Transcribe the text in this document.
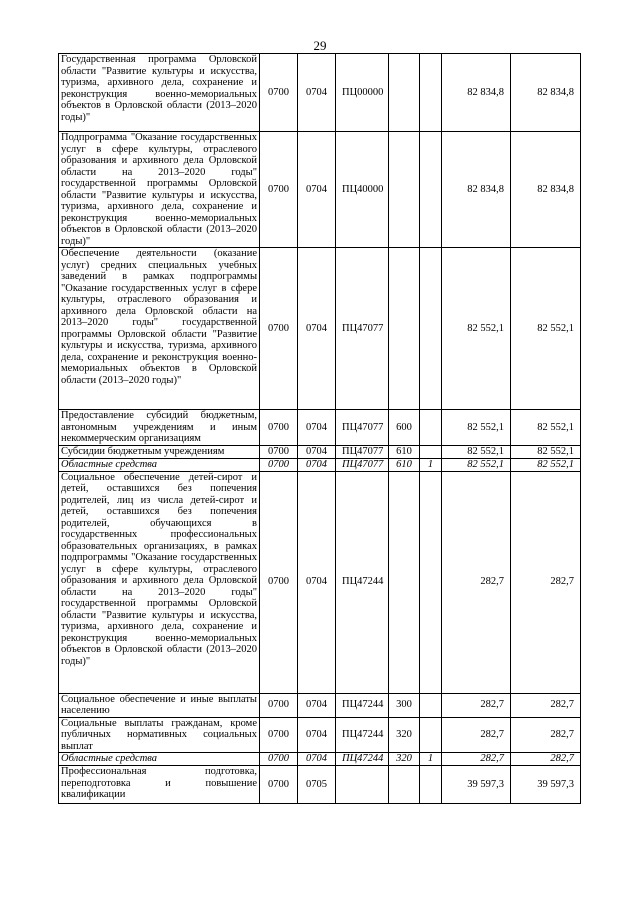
29
Государственная программа Орловской области "Развитие культуры и искусства, туризма, архивного дела, сохранение и реконструкция военно-мемориальных объектов в Орловской области (2013–2020 годы)"	0700	0704	ПЦ00000			82 834,8	82 834,8
Подпрограмма "Оказание государственных услуг в сфере культуры, отраслевого образования и архивного дела Орловской области на 2013–2020 годы" государственной программы Орловской области "Развитие культуры и искусства, туризма, архивного дела, сохранение и реконструкция военно-мемориальных объектов в Орловской области (2013–2020 годы)"	0700	0704	ПЦ40000			82 834,8	82 834,8
Обеспечение деятельности (оказание услуг) средних специальных учебных заведений в рамках подпрограммы "Оказание государственных услуг в сфере культуры, отраслевого образования и архивного дела Орловской области на 2013–2020 годы" государственной программы Орловской области "Развитие культуры и искусства, туризма, архивного дела, сохранение и реконструкция военно-мемориальных объектов в Орловской области (2013–2020 годы)"	0700	0704	ПЦ47077			82 552,1	82 552,1
Предоставление субсидий бюджетным, автономным учреждениям и иным некоммерческим организациям	0700	0704	ПЦ47077	600		82 552,1	82 552,1
Субсидии бюджетным учреждениям	0700	0704	ПЦ47077	610		82 552,1	82 552,1
Областные средства	0700	0704	ПЦ47077	610	1	82 552,1	82 552,1
Социальное обеспечение детей-сирот и детей, оставшихся без попечения родителей, лиц из числа детей-сирот и детей, оставшихся без попечения родителей, обучающихся в государственных профессиональных образовательных организациях, в рамках подпрограммы "Оказание государственных услуг в сфере культуры, отраслевого образования и архивного дела Орловской области на 2013–2020 годы" государственной программы Орловской области "Развитие культуры и искусства, туризма, архивного дела, сохранение и реконструкция военно-мемориальных объектов в Орловской области (2013–2020 годы)"	0700	0704	ПЦ47244			282,7	282,7
Социальное обеспечение и иные выплаты населению	0700	0704	ПЦ47244	300		282,7	282,7
Социальные выплаты гражданам, кроме публичных нормативных социальных выплат	0700	0704	ПЦ47244	320		282,7	282,7
Областные средства	0700	0704	ПЦ47244	320	1	282,7	282,7
Профессиональная подготовка, переподготовка и повышение квалификации	0700	0705				39 597,3	39 597,3
